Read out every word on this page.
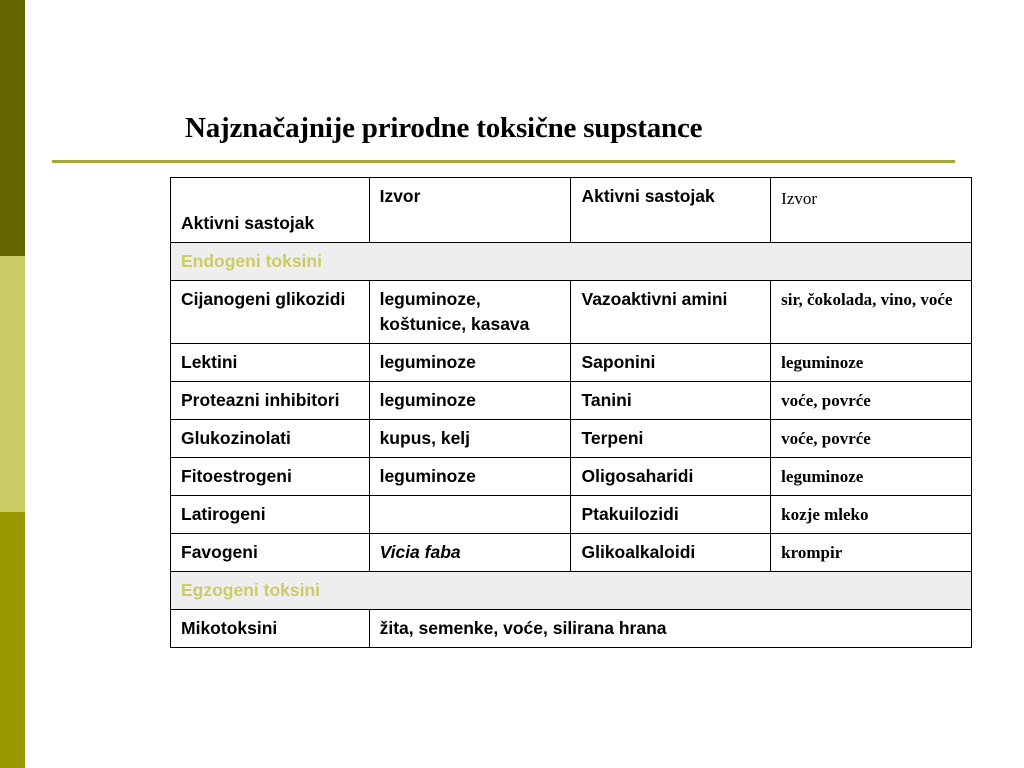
Najznačajnije prirodne toksične supstance
Aktivni sastojak	Izvor	Aktivni sastojak	Izvor
Endogeni toksini			
Cijanogeni glikozidi	leguminoze, koštunice, kasava	Vazoaktivni amini	sir, čokolada, vino, voće
Lektini	leguminoze	Saponini	leguminoze
Proteazni inhibitori	leguminoze	Tanini	voće, povrće
Glukozinolati	kupus, kelj	Terpeni	voće, povrće
Fitoestrogeni	leguminoze	Oligosaharidi	leguminoze
Latirogeni		Ptakuilozidi	kozje mleko
Favogeni	Vicia faba	Glikoalkaloidi	krompir
Egzogeni toksini			
Mikotoksini	žita, semenke, voće, silirana hrana		
